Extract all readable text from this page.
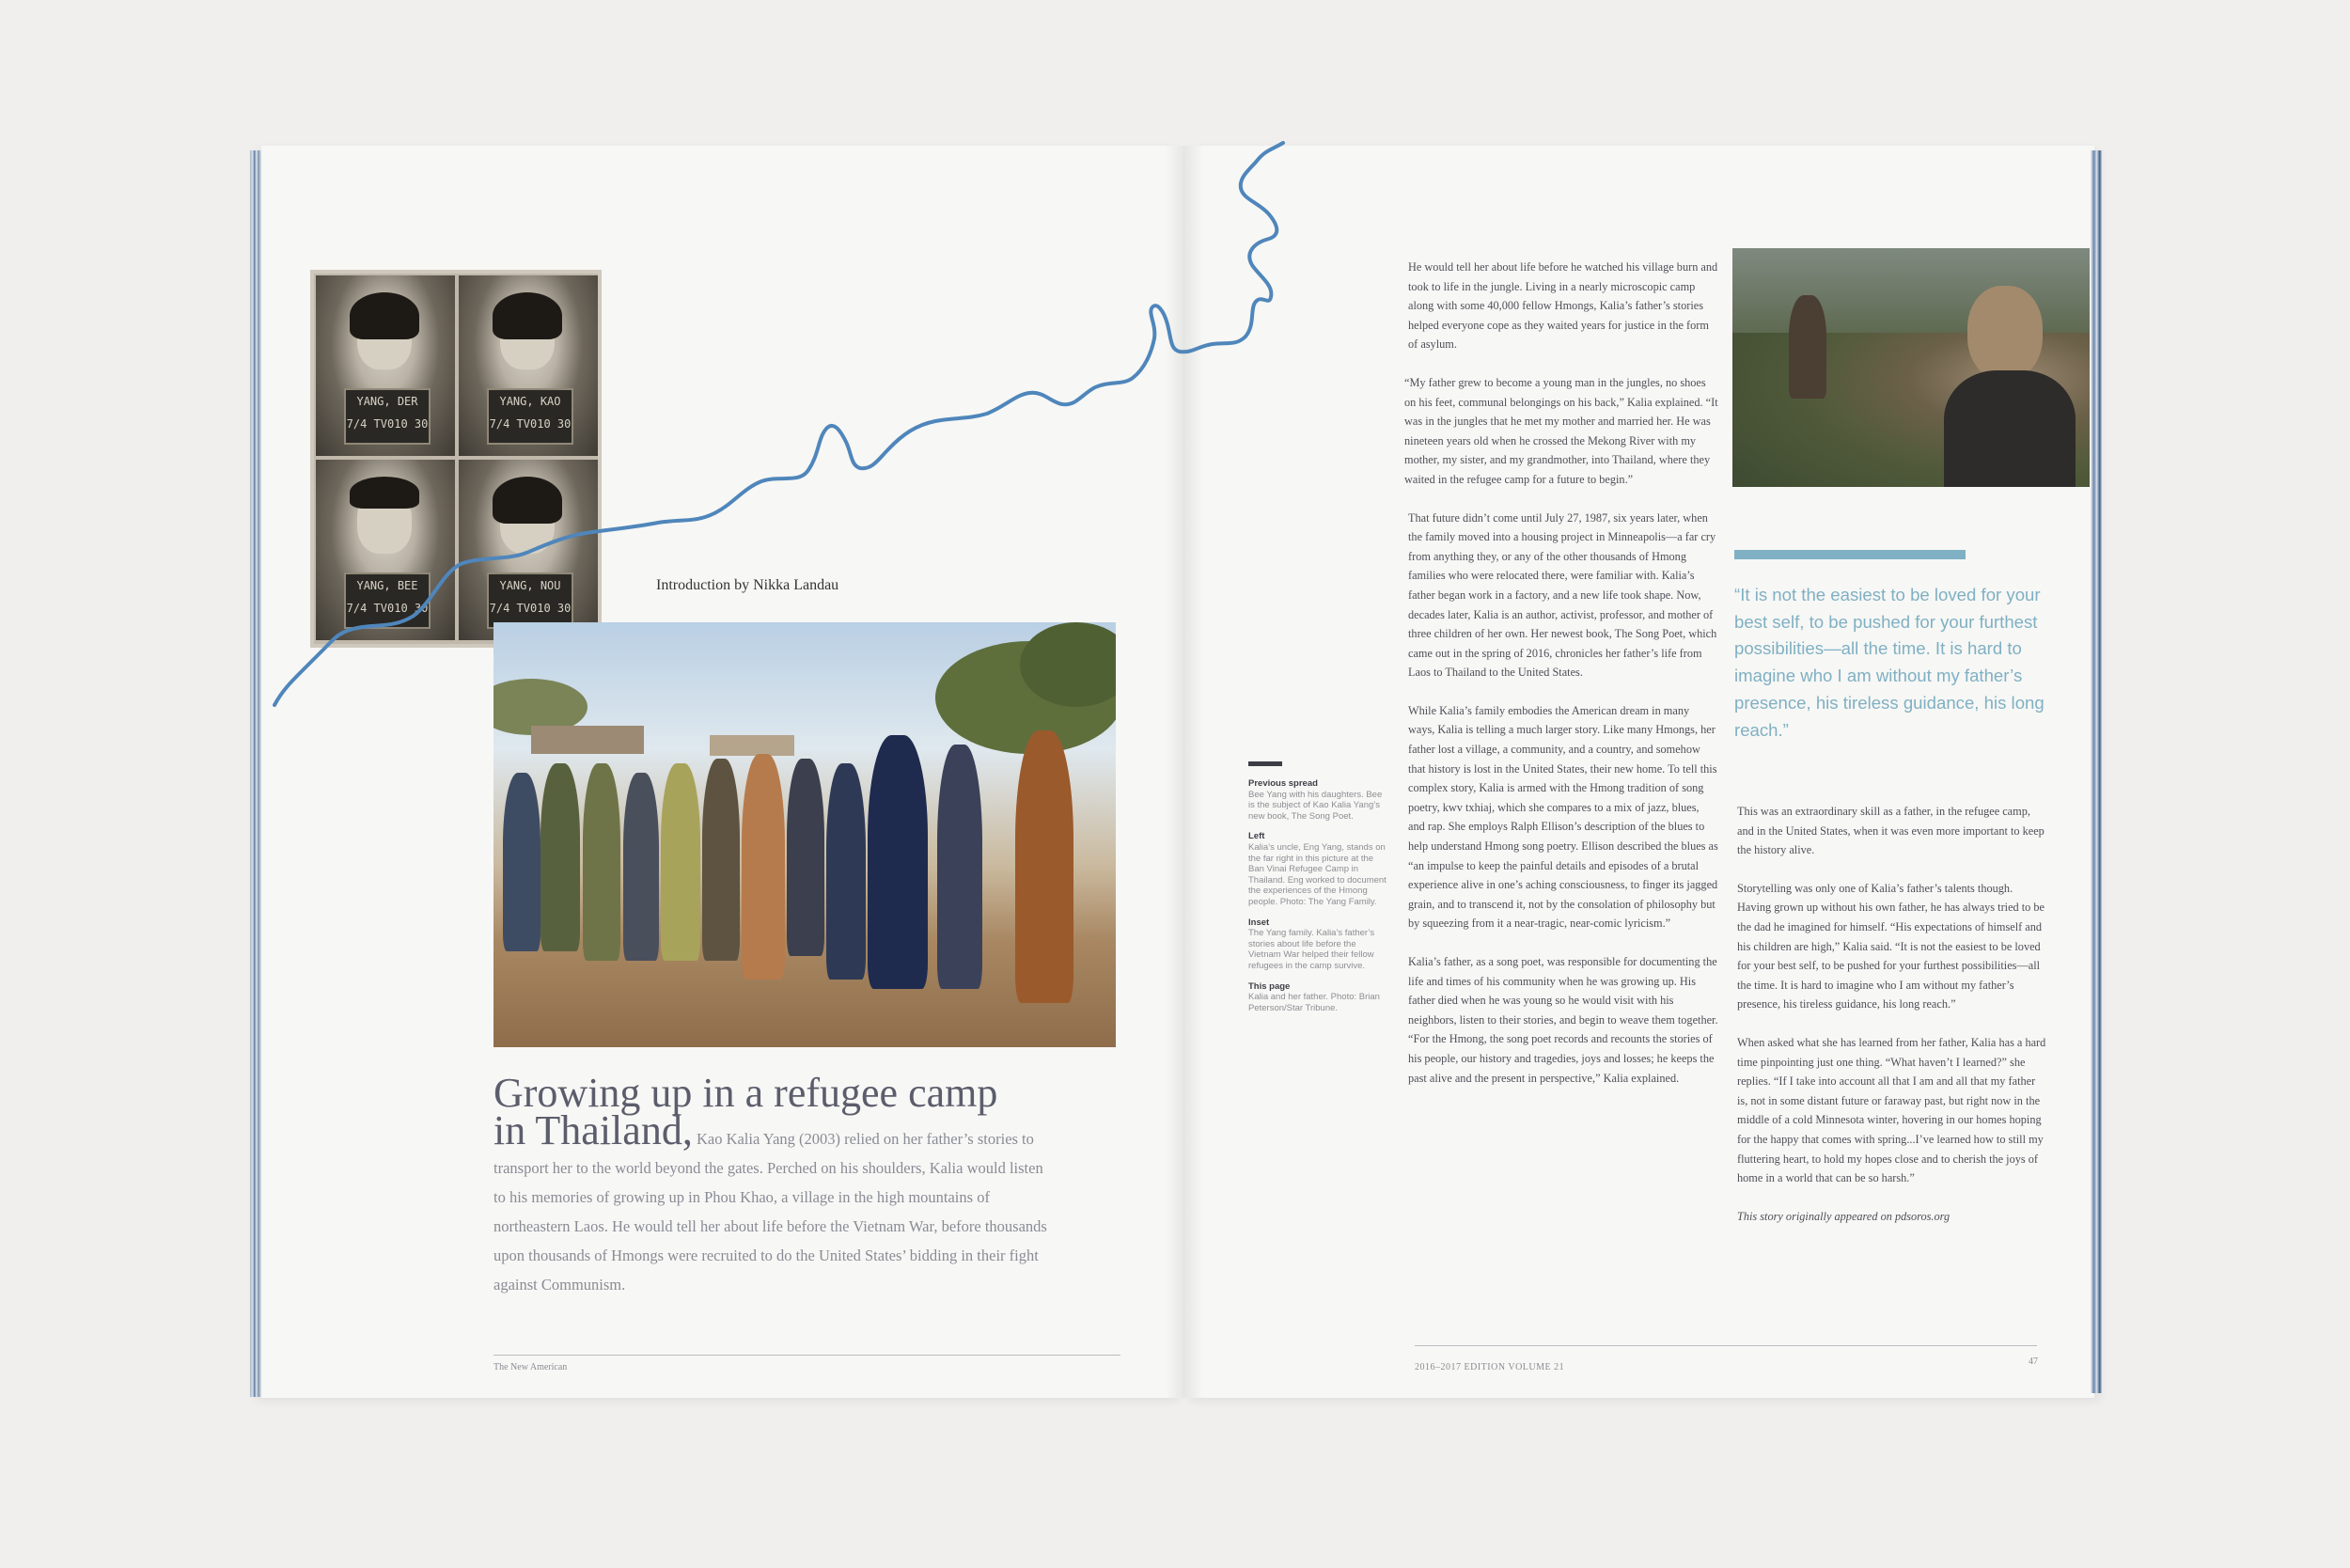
YANG, DER
7/4 TV010 30
YANG, KAO
7/4 TV010 30
YANG, BEE
7/4 TV010 30
YANG, NOU
7/4 TV010 30

Introduction by Nikka Landau

Growing up in a refugee camp

in Thailand, Kao Kalia Yang (2003) relied on her father’s stories to transport her to the world beyond the gates. Perched on his shoulders, Kalia would listen to his memories of growing up in Phou Khao, a village in the high mountains of northeastern Laos. He would tell her about life before the Vietnam War, before thousands upon thousands of Hmongs were recruited to do the United States’ bidding in their fight against Communism.

The New American

Previous spread
Bee Yang with his daughters. Bee is the subject of Kao Kalia Yang’s new book, The Song Poet.

Left
Kalia’s uncle, Eng Yang, stands on the far right in this picture at the Ban Vinai Refugee Camp in Thailand. Eng worked to document the experiences of the Hmong people. Photo: The Yang Family.

Inset
The Yang family. Kalia’s father’s stories about life before the Vietnam War helped their fellow refugees in the camp survive.

This page
Kalia and her father. Photo: Brian Peterson/Star Tribune.

He would tell her about life before he watched his village burn and took to life in the jungle. Living in a nearly microscopic camp along with some 40,000 fellow Hmongs, Kalia’s father’s stories helped everyone cope as they waited years for justice in the form of asylum.

“My father grew to become a young man in the jungles, no shoes on his feet, communal belongings on his back,” Kalia explained. “It was in the jungles that he met my mother and married her. He was nineteen years old when he crossed the Mekong River with my mother, my sister, and my grandmother, into Thailand, where they waited in the refugee camp for a future to begin.”

That future didn’t come until July 27, 1987, six years later, when the family moved into a housing project in Minneapolis—a far cry from anything they, or any of the other thousands of Hmong families who were relocated there, were familiar with. Kalia’s father began work in a factory, and a new life took shape. Now, decades later, Kalia is an author, activist, professor, and mother of three children of her own. Her newest book, The Song Poet, which came out in the spring of 2016, chronicles her father’s life from Laos to Thailand to the United States.

While Kalia’s family embodies the American dream in many ways, Kalia is telling a much larger story. Like many Hmongs, her father lost a village, a community, and a country, and somehow that history is lost in the United States, their new home. To tell this complex story, Kalia is armed with the Hmong tradition of song poetry, kwv txhiaj, which she compares to a mix of jazz, blues, and rap. She employs Ralph Ellison’s description of the blues to help understand Hmong song poetry. Ellison described the blues as “an impulse to keep the painful details and episodes of a brutal experience alive in one’s aching consciousness, to finger its jagged grain, and to transcend it, not by the consolation of philosophy but by squeezing from it a near-tragic, near-comic lyricism.”

Kalia’s father, as a song poet, was responsible for documenting the life and times of his community when he was growing up. His father died when he was young so he would visit with his neighbors, listen to their stories, and begin to weave them together. “For the Hmong, the song poet records and recounts the stories of his people, our history and tragedies, joys and losses; he keeps the past alive and the present in perspective,” Kalia explained.

“It is not the easiest to be loved for your best self, to be pushed for your furthest possibilities—all the time. It is hard to imagine who I am without my father’s presence, his tireless guidance, his long reach.”

This was an extraordinary skill as a father, in the refugee camp, and in the United States, when it was even more important to keep the history alive.

Storytelling was only one of Kalia’s father’s talents though. Having grown up without his own father, he has always tried to be the dad he imagined for himself. “His expectations of himself and his children are high,” Kalia said. “It is not the easiest to be loved for your best self, to be pushed for your furthest possibilities—all the time. It is hard to imagine who I am without my father’s presence, his tireless guidance, his long reach.”

When asked what she has learned from her father, Kalia has a hard time pinpointing just one thing. “What haven’t I learned?” she replies. “If I take into account all that I am and all that my father is, not in some distant future or faraway past, but right now in the middle of a cold Minnesota winter, hovering in our homes hoping for the happy that comes with spring...I’ve learned how to still my fluttering heart, to hold my hopes close and to cherish the joys of home in a world that can be so harsh.”

This story originally appeared on pdsoros.org

2016–2017 EDITION VOLUME 21

47
